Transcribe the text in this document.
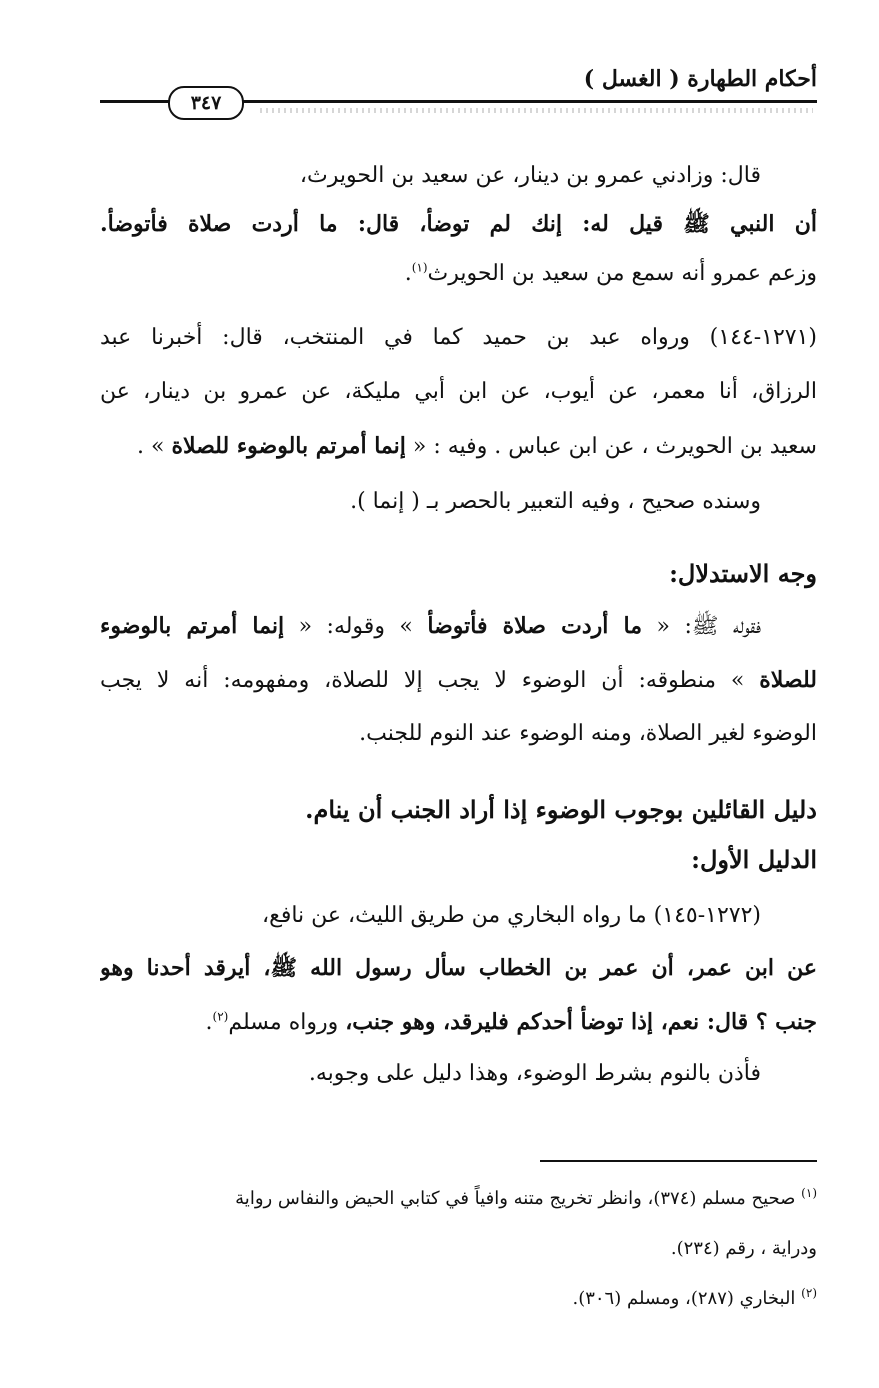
أحكام الطهارة ( الغسل )
٣٤٧
قال: وزادني عمرو بن دينار، عن سعيد بن الحويرث،
أن النبي ﷺ قيل له: إنك لم توضأ، قال: ما أردت صلاة فأتوضأ.
وزعم عمرو أنه سمع من سعيد بن الحويرث$^{(١)}$.
(١٢٧١-١٤٤) ورواه عبد بن حميد كما في المنتخب، قال: أخبرنا عبد
الرزاق، أنا معمر، عن أيوب، عن ابن أبي مليكة، عن عمرو بن دينار، عن
سعيد بن الحويرث ، عن ابن عباس . وفيه : « إنما أمرتم بالوضوء للصلاة » .
وسنده صحيح ، وفيه التعبير بالحصر بـ ( إنما ).
وجه الاستدلال:
فقوله ﷺ: « ما أردت صلاة فأتوضأ » وقوله: « إنما أمرتم بالوضوء
للصلاة » منطوقه: أن الوضوء لا يجب إلا للصلاة، ومفهومه: أنه لا يجب
الوضوء لغير الصلاة، ومنه الوضوء عند النوم للجنب.
دليل القائلين بوجوب الوضوء إذا أراد الجنب أن ينام.
الدليل الأول:
(١٢٧٢-١٤٥) ما رواه البخاري من طريق الليث، عن نافع،
عن ابن عمر، أن عمر بن الخطاب سأل رسول الله ﷺ، أيرقد أحدنا وهو
جنب ؟ قال: نعم، إذا توضأ أحدكم فليرقد، وهو جنب، ورواه مسلم$^{(٢)}$.
فأذن بالنوم بشرط الوضوء، وهذا دليل على وجوبه.
$^{(١)}$ صحيح مسلم (٣٧٤)، وانظر تخريج متنه وافياً في كتابي الحيض والنفاس رواية
ودراية ، رقم (٢٣٤).
$^{(٢)}$ البخاري (٢٨٧)، ومسلم (٣٠٦).
